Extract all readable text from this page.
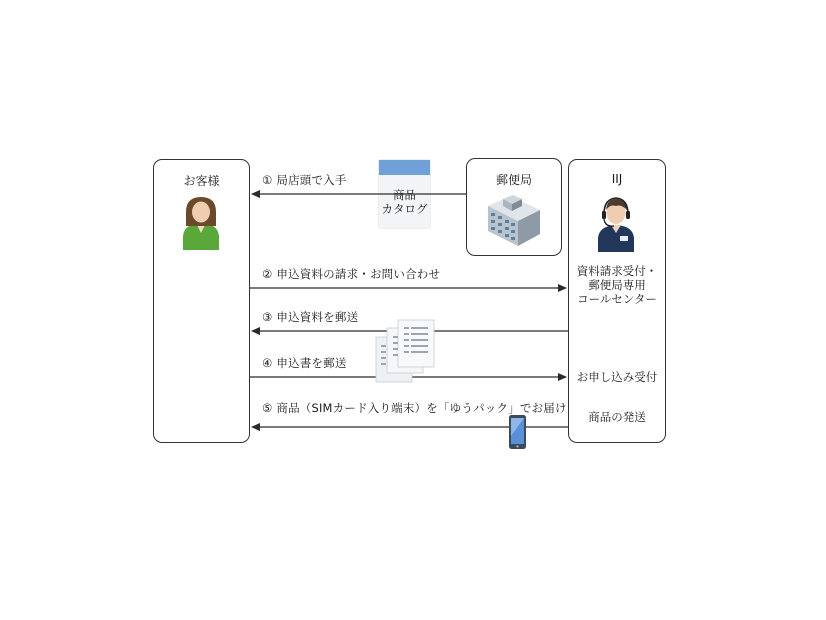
お客様	郵便局	IIJ
商品
カタログ
資料請求受付・
郵便局専用
コールセンター
お申し込み受付
商品の発送
① 局店頭で入手
② 申込資料の請求・お問い合わせ
③ 申込資料を郵送
④ 申込書を郵送
⑤ 商品（SIMカード入り端末）を「ゆうパック」でお届け
